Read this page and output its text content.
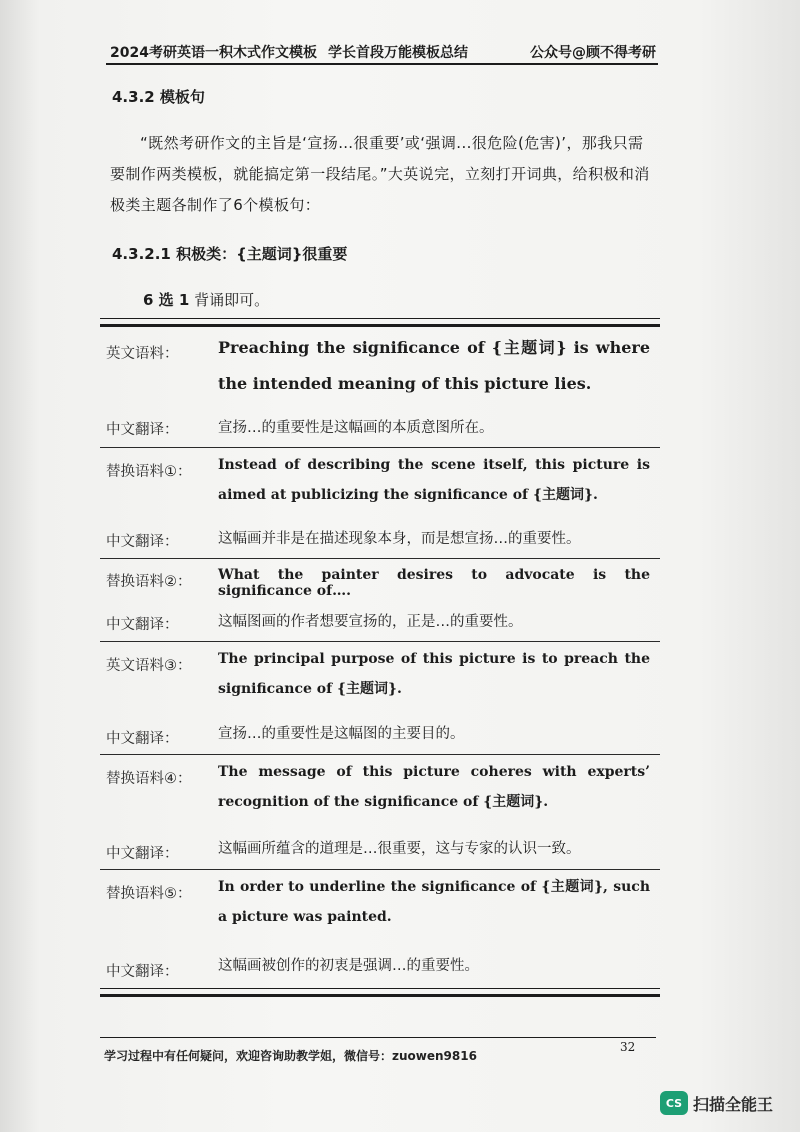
2024考研英语一积木式作文模板 学长首段万能模板总结	公众号@顾不得考研
4.3.2 模板句
“既然考研作文的主旨是‘宣扬…很重要’或‘强调...很危险(危害)’，那我只需要制作两类模板，就能搞定第一段结尾。”大英说完，立刻打开词典，给积极和消极类主题各制作了6个模板句：
4.3.2.1 积极类：{主题词}很重要
6 选 1 背诵即可。
英文语料：	Preaching the significance of {主题词} is where the intended meaning of this picture lies.
中文翻译：	宣扬…的重要性是这幅画的本质意图所在。
替换语料①：	Instead of describing the scene itself, this picture is aimed at publicizing the significance of {主题词}.
中文翻译：	这幅画并非是在描述现象本身，而是想宣扬…的重要性。
替换语料②：	What the painter desires to advocate is the significance of….
中文翻译：	这幅图画的作者想要宣扬的，正是…的重要性。
英文语料③：	The principal purpose of this picture is to preach the significance of {主题词}.
中文翻译：	宣扬…的重要性是这幅图的主要目的。
替换语料④：	The message of this picture coheres with experts’ recognition of the significance of {主题词}.
中文翻译：	这幅画所蕴含的道理是…很重要，这与专家的认识一致。
替换语料⑤：	In order to underline the significance of {主题词}, such a picture was painted.
中文翻译：	这幅画被创作的初衷是强调…的重要性。
32
学习过程中有任何疑问，欢迎咨询助教学姐，微信号：zuowen9816
CS 扫描全能王
